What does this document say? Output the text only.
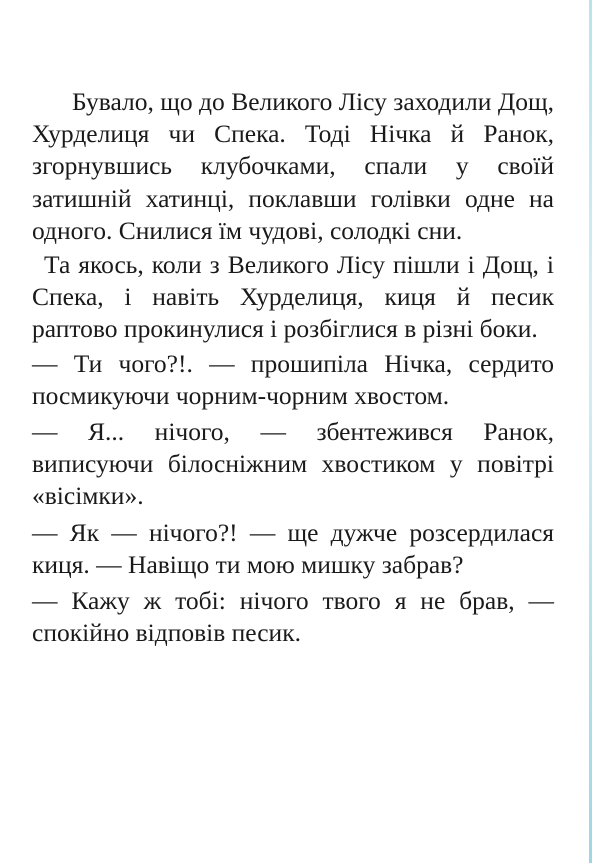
Бувало, що до Великого Лісу заходили Дощ, Хурделиця чи Спека. Тоді Нічка й Ранок, згорнувшись клубочками, спали у своїй затишній хатинці, поклавши голівки одне на одного. Снилися їм чудові, солодкі сни.

Та якось, коли з Великого Лісу пішли і Дощ, і Спека, і навіть Хурделиця, киця й песик раптово прокинулися і розбіглися в різні боки.

— Ти чого?!. — прошипіла Нічка, сердито посмикуючи чорним-чорним хвостом.

— Я... нічого, — збентежився Ранок, виписуючи білосніжним хвостиком у повітрі «вісімки».

— Як — нічого?! — ще дужче розсердилася киця. — Навіщо ти мою мишку забрав?

— Кажу ж тобі: нічого твого я не брав, — спокійно відповів песик.
